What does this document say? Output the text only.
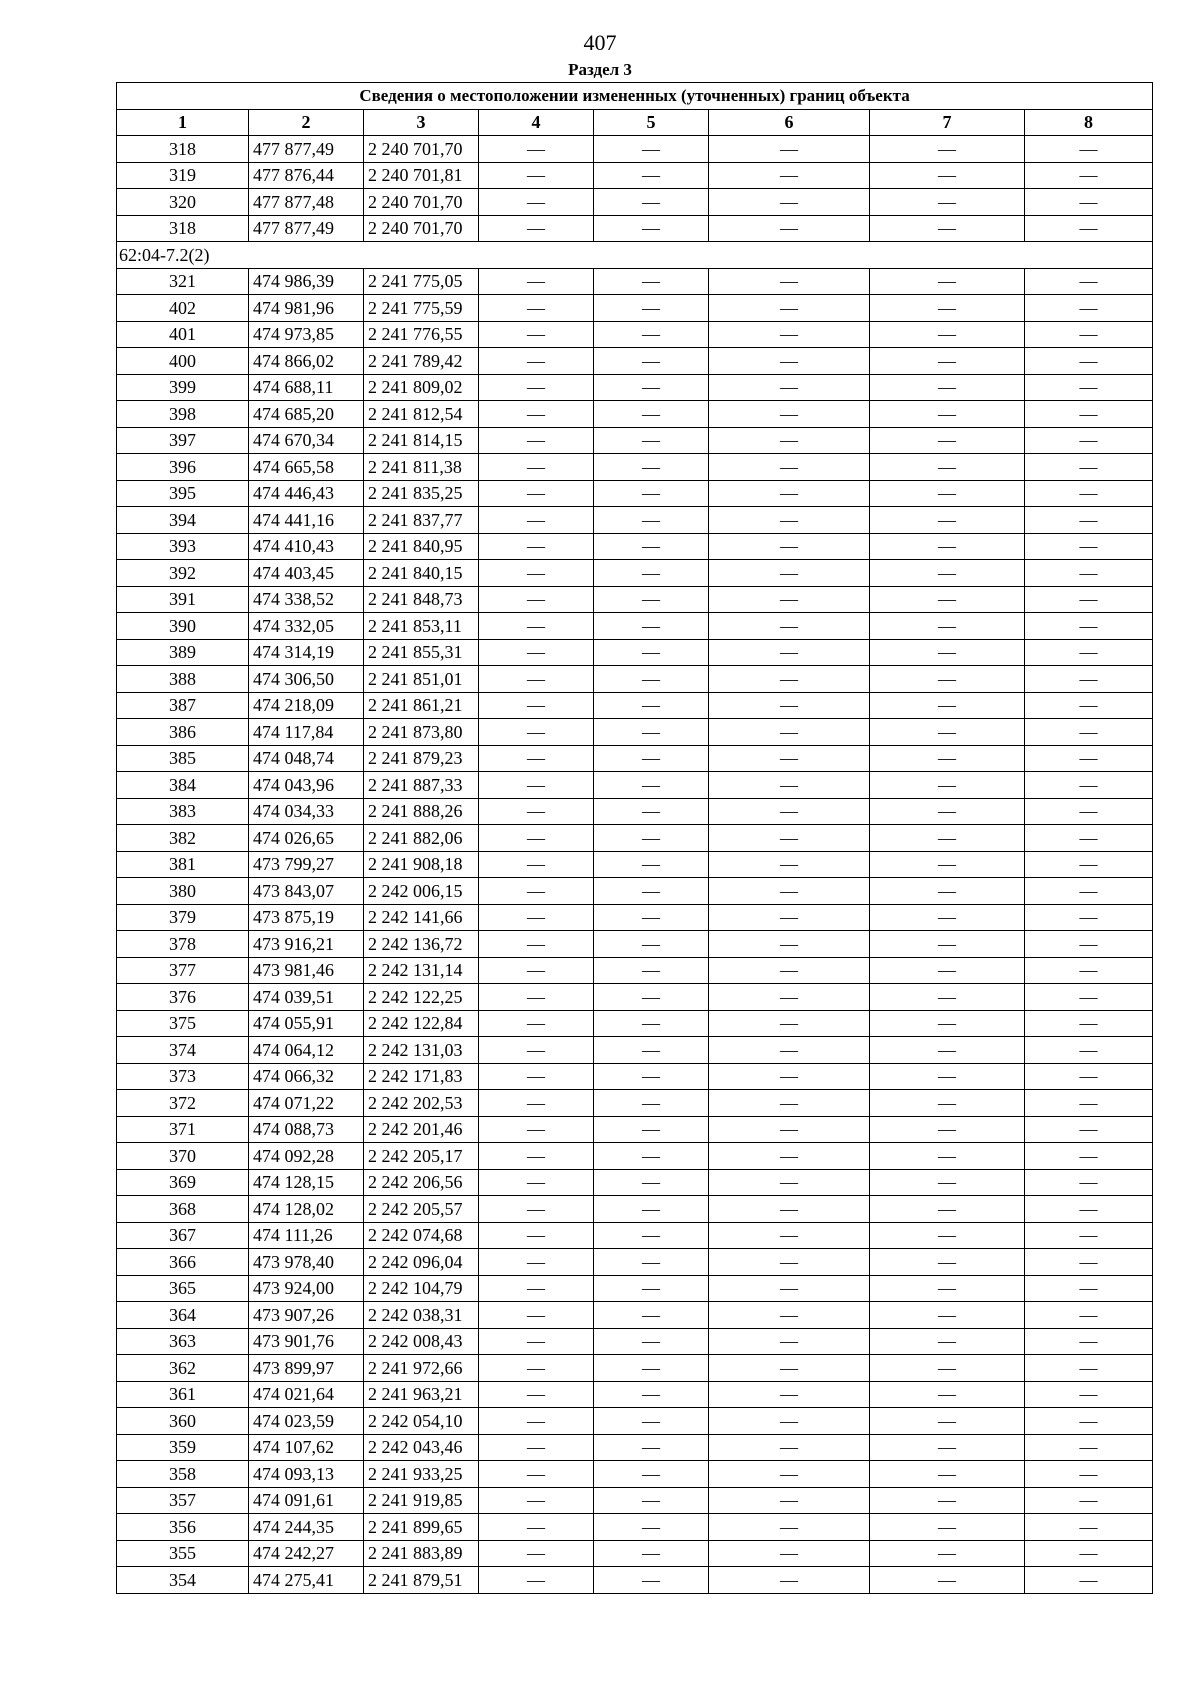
407
Раздел 3
Сведения о местоположении измененных (уточненных) границ объекта							
1	2	3	4	5	6	7	8
318	477 877,49	2 240 701,70	—	—	—	—	—
319	477 876,44	2 240 701,81	—	—	—	—	—
320	477 877,48	2 240 701,70	—	—	—	—	—
318	477 877,49	2 240 701,70	—	—	—	—	—
62:04-7.2(2)							
321	474 986,39	2 241 775,05	—	—	—	—	—
402	474 981,96	2 241 775,59	—	—	—	—	—
401	474 973,85	2 241 776,55	—	—	—	—	—
400	474 866,02	2 241 789,42	—	—	—	—	—
399	474 688,11	2 241 809,02	—	—	—	—	—
398	474 685,20	2 241 812,54	—	—	—	—	—
397	474 670,34	2 241 814,15	—	—	—	—	—
396	474 665,58	2 241 811,38	—	—	—	—	—
395	474 446,43	2 241 835,25	—	—	—	—	—
394	474 441,16	2 241 837,77	—	—	—	—	—
393	474 410,43	2 241 840,95	—	—	—	—	—
392	474 403,45	2 241 840,15	—	—	—	—	—
391	474 338,52	2 241 848,73	—	—	—	—	—
390	474 332,05	2 241 853,11	—	—	—	—	—
389	474 314,19	2 241 855,31	—	—	—	—	—
388	474 306,50	2 241 851,01	—	—	—	—	—
387	474 218,09	2 241 861,21	—	—	—	—	—
386	474 117,84	2 241 873,80	—	—	—	—	—
385	474 048,74	2 241 879,23	—	—	—	—	—
384	474 043,96	2 241 887,33	—	—	—	—	—
383	474 034,33	2 241 888,26	—	—	—	—	—
382	474 026,65	2 241 882,06	—	—	—	—	—
381	473 799,27	2 241 908,18	—	—	—	—	—
380	473 843,07	2 242 006,15	—	—	—	—	—
379	473 875,19	2 242 141,66	—	—	—	—	—
378	473 916,21	2 242 136,72	—	—	—	—	—
377	473 981,46	2 242 131,14	—	—	—	—	—
376	474 039,51	2 242 122,25	—	—	—	—	—
375	474 055,91	2 242 122,84	—	—	—	—	—
374	474 064,12	2 242 131,03	—	—	—	—	—
373	474 066,32	2 242 171,83	—	—	—	—	—
372	474 071,22	2 242 202,53	—	—	—	—	—
371	474 088,73	2 242 201,46	—	—	—	—	—
370	474 092,28	2 242 205,17	—	—	—	—	—
369	474 128,15	2 242 206,56	—	—	—	—	—
368	474 128,02	2 242 205,57	—	—	—	—	—
367	474 111,26	2 242 074,68	—	—	—	—	—
366	473 978,40	2 242 096,04	—	—	—	—	—
365	473 924,00	2 242 104,79	—	—	—	—	—
364	473 907,26	2 242 038,31	—	—	—	—	—
363	473 901,76	2 242 008,43	—	—	—	—	—
362	473 899,97	2 241 972,66	—	—	—	—	—
361	474 021,64	2 241 963,21	—	—	—	—	—
360	474 023,59	2 242 054,10	—	—	—	—	—
359	474 107,62	2 242 043,46	—	—	—	—	—
358	474 093,13	2 241 933,25	—	—	—	—	—
357	474 091,61	2 241 919,85	—	—	—	—	—
356	474 244,35	2 241 899,65	—	—	—	—	—
355	474 242,27	2 241 883,89	—	—	—	—	—
354	474 275,41	2 241 879,51	—	—	—	—	—
